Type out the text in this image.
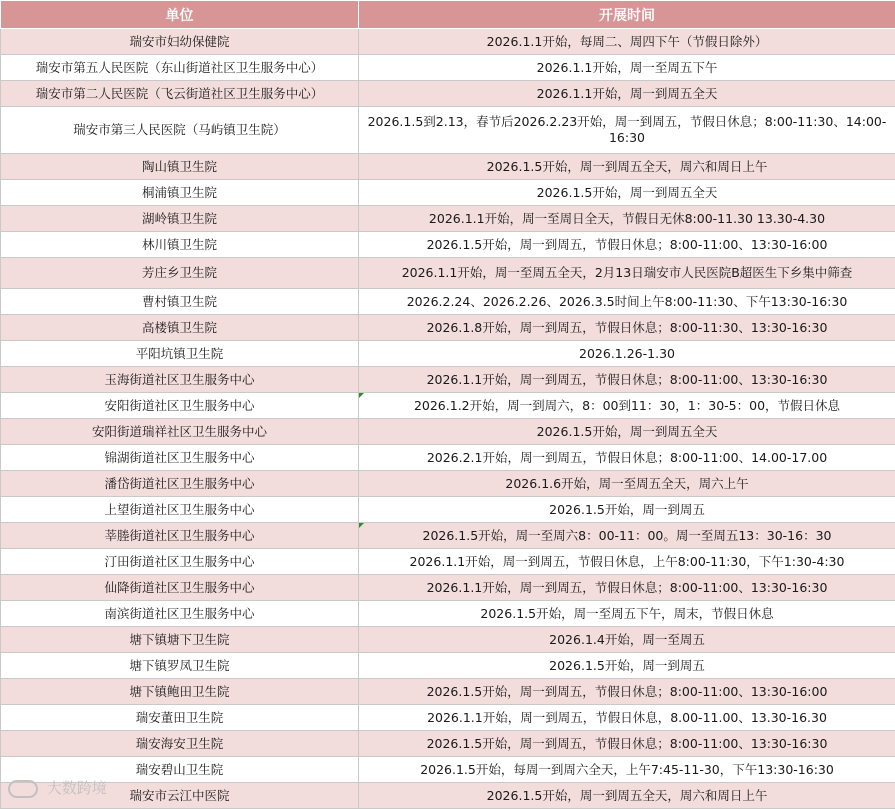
单位	开展时间
瑞安市妇幼保健院	2026.1.1开始，每周二、周四下午（节假日除外）
瑞安市第五人民医院（东山街道社区卫生服务中心）	2026.1.1开始，周一至周五下午
瑞安市第二人民医院（飞云街道社区卫生服务中心）	2026.1.1开始，周一到周五全天
瑞安市第三人民医院（马屿镇卫生院）	2026.1.5到2.13，春节后2026.2.23开始，周一到周五，节假日休息；8:00-11:30、14:00-16:30
陶山镇卫生院	2026.1.5开始，周一到周五全天，周六和周日上午
桐浦镇卫生院	2026.1.5开始，周一到周五全天
湖岭镇卫生院	2026.1.1开始，周一至周日全天，节假日无休8:00-11.30 13.30-4.30
林川镇卫生院	2026.1.5开始，周一到周五，节假日休息；8:00-11:00、13:30-16:00
芳庄乡卫生院	2026.1.1开始，周一至周五全天，2月13日瑞安市人民医院B超医生下乡集中筛查
曹村镇卫生院	2026.2.24、2026.2.26、2026.3.5时间上午8:00-11:30、下午13:30-16:30
高楼镇卫生院	2026.1.8开始，周一到周五，节假日休息；8:00-11:30、13:30-16:30
平阳坑镇卫生院	2026.1.26-1.30
玉海街道社区卫生服务中心	2026.1.1开始，周一到周五，节假日休息；8:00-11:00、13:30-16:30
安阳街道社区卫生服务中心	2026.1.2开始，周一到周六，8：00到11：30，1：30-5：00，节假日休息
安阳街道瑞祥社区卫生服务中心	2026.1.5开始，周一到周五全天
锦湖街道社区卫生服务中心	2026.2.1开始，周一到周五，节假日休息；8:00-11:00、14.00-17.00
潘岱街道社区卫生服务中心	2026.1.6开始，周一至周五全天，周六上午
上望街道社区卫生服务中心	2026.1.5开始，周一到周五
莘塍街道社区卫生服务中心	2026.1.5开始，周一至周六8：00-11：00。周一至周五13：30-16：30
汀田街道社区卫生服务中心	2026.1.1开始，周一到周五，节假日休息，上午8:00-11:30，下午1:30-4:30
仙降街道社区卫生服务中心	2026.1.1开始，周一到周五，节假日休息；8:00-11:00、13:30-16:30
南滨街道社区卫生服务中心	2026.1.5开始，周一至周五下午，周末，节假日休息
塘下镇塘下卫生院	2026.1.4开始，周一至周五
塘下镇罗凤卫生院	2026.1.5开始，周一到周五
塘下镇鲍田卫生院	2026.1.5开始，周一到周五，节假日休息；8:00-11:00、13:30-16:00
瑞安董田卫生院	2026.1.1开始，周一到周五，节假日休息，8.00-11.00、13.30-16.30
瑞安海安卫生院	2026.1.5开始，周一到周五，节假日休息；8:00-11:00、13:30-16:30
瑞安碧山卫生院	2026.1.5开始，每周一到周六全天，上午7:45-11-30，下午13:30-16:30
瑞安市云江中医院	2026.1.5开始，周一到周五全天，周六和周日上午
大数跨境
